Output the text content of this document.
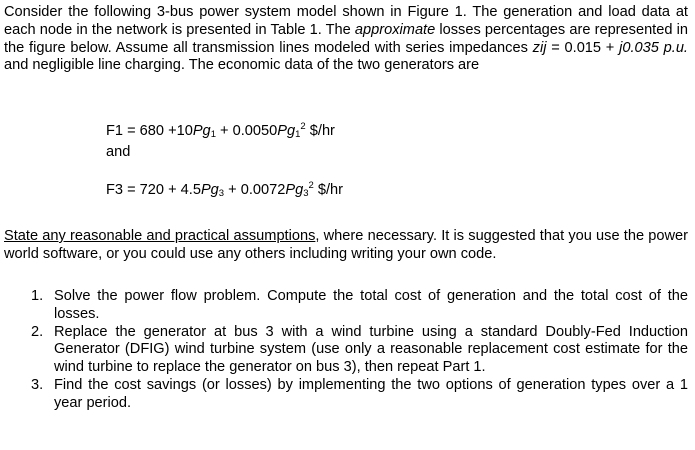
Consider the following 3-bus power system model shown in Figure 1. The generation and load data at each node in the network is presented in Table 1. The approximate losses percentages are represented in the figure below. Assume all transmission lines modeled with series impedances zij = 0.015 + j0.035 p.u. and negligible line charging. The economic data of the two generators are

$F1 = 680 +10Pg_1 + 0.0050Pg_1^2$ $/hr

and

$F3 = 720 + 4.5Pg_3 + 0.0072Pg_3^2$ $/hr

State any reasonable and practical assumptions, where necessary. It is suggested that you use the power world software, or you could use any others including writing your own code.

1. Solve the power flow problem. Compute the total cost of generation and the total cost of the losses.
2. Replace the generator at bus 3 with a wind turbine using a standard Doubly-Fed Induction Generator (DFIG) wind turbine system (use only a reasonable replacement cost estimate for the wind turbine to replace the generator on bus 3), then repeat Part 1.
3. Find the cost savings (or losses) by implementing the two options of generation types over a 1 year period.
